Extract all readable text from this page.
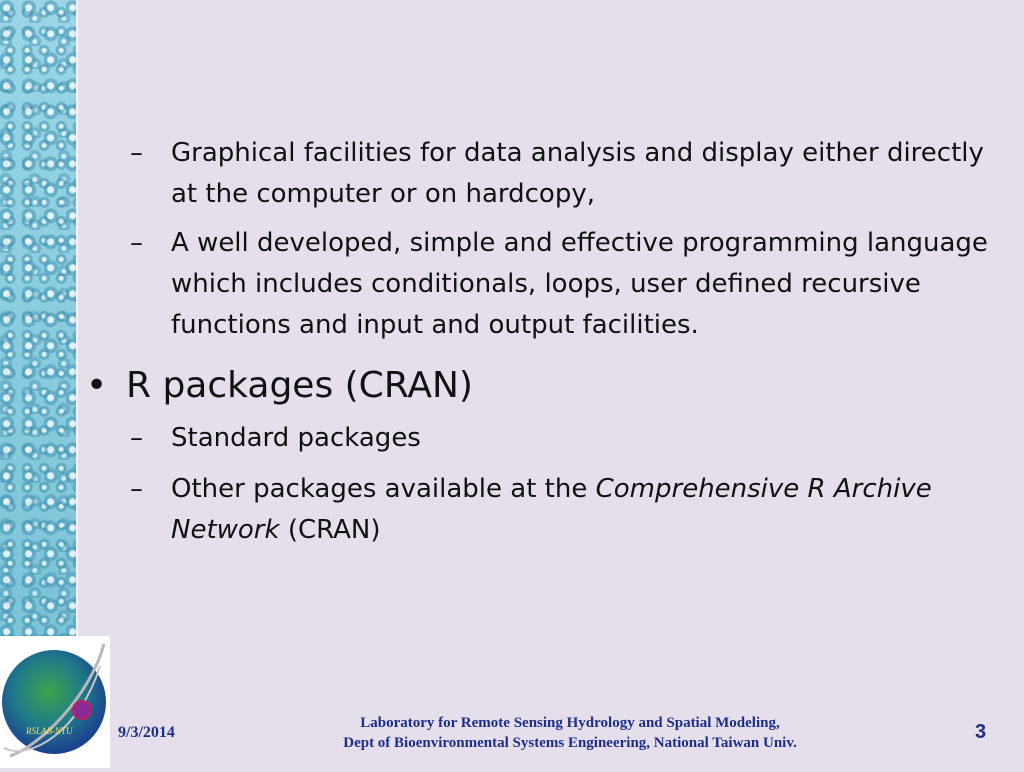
RSLAB-NTU
–	Graphical facilities for data analysis and display either directly at the computer or on hardcopy,
–	A well developed, simple and effective programming language which includes conditionals, loops, user defined recursive functions and input and output facilities.
• R packages (CRAN)
–	Standard packages
–	Other packages available at the Comprehensive R Archive Network (CRAN)
9/3/2014
Laboratory for Remote Sensing Hydrology and Spatial Modeling,
Dept of Bioenvironmental Systems Engineering, National Taiwan Univ.	3
